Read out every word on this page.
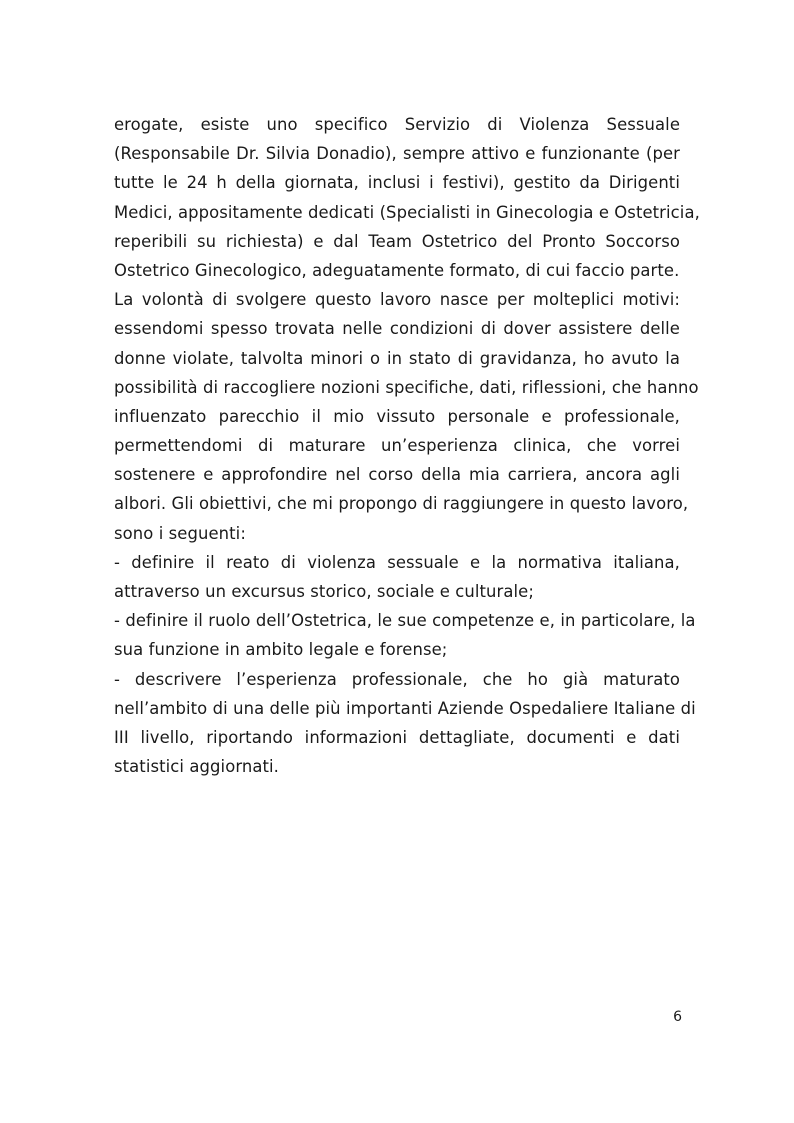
erogate, esiste uno specifico Servizio di Violenza Sessuale
(Responsabile Dr. Silvia Donadio), sempre attivo e funzionante (per
tutte le 24 h della giornata, inclusi i festivi), gestito da Dirigenti
Medici, appositamente dedicati (Specialisti in Ginecologia e Ostetricia,
reperibili su richiesta) e dal Team Ostetrico del Pronto Soccorso
Ostetrico Ginecologico, adeguatamente formato, di cui faccio parte.
La volontà di svolgere questo lavoro nasce per molteplici motivi:
essendomi spesso trovata nelle condizioni di dover assistere delle
donne violate, talvolta minori o in stato di gravidanza, ho avuto la
possibilità di raccogliere nozioni specifiche, dati, riflessioni, che hanno
influenzato parecchio il mio vissuto personale e professionale,
permettendomi di maturare un’esperienza clinica, che vorrei
sostenere e approfondire nel corso della mia carriera, ancora agli
albori. Gli obiettivi, che mi propongo di raggiungere in questo lavoro,
sono i seguenti:
- definire il reato di violenza sessuale e la normativa italiana,
attraverso un excursus storico, sociale e culturale;
- definire il ruolo dell’Ostetrica, le sue competenze e, in particolare, la
sua funzione in ambito legale e forense;
- descrivere l’esperienza professionale, che ho già maturato
nell’ambito di una delle più importanti Aziende Ospedaliere Italiane di
III livello, riportando informazioni dettagliate, documenti e dati
statistici aggiornati.
6
